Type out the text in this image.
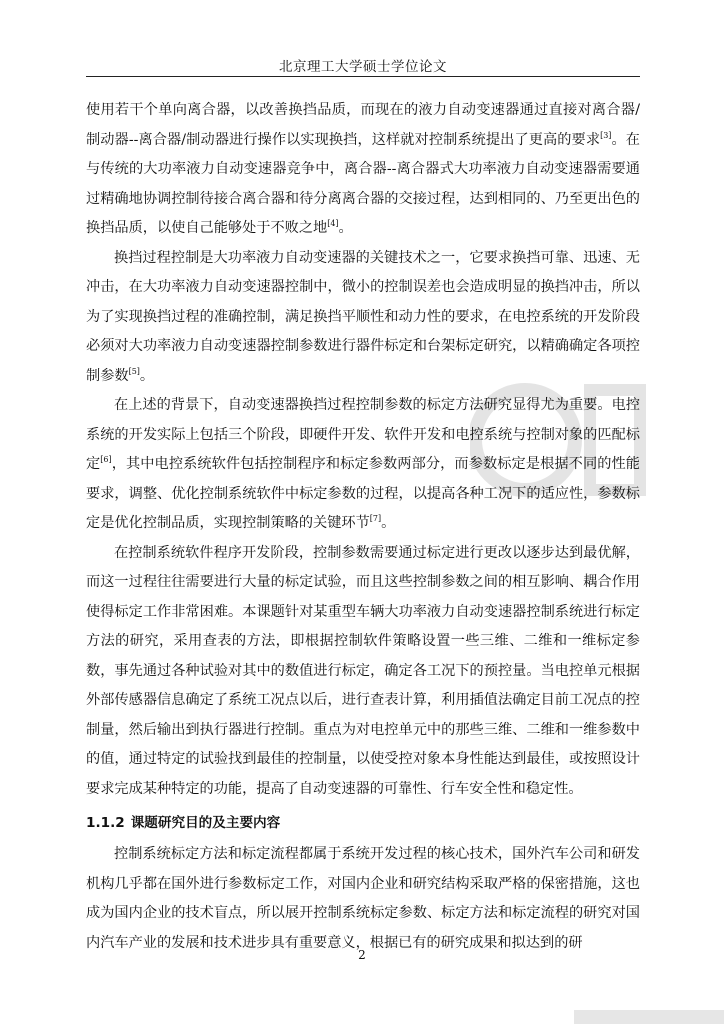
北京理工大学硕士学位论文

使用若干个单向离合器，以改善换挡品质，而现在的液力自动变速器通过直接对离合器/制动器--离合器/制动器进行操作以实现换挡，这样就对控制系统提出了更高的要求[3]。在与传统的大功率液力自动变速器竞争中，离合器--离合器式大功率液力自动变速器需要通过精确地协调控制待接合离合器和待分离离合器的交接过程，达到相同的、乃至更出色的换挡品质，以使自己能够处于不败之地[4]。

换挡过程控制是大功率液力自动变速器的关键技术之一，它要求换挡可靠、迅速、无冲击，在大功率液力自动变速器控制中，微小的控制误差也会造成明显的换挡冲击，所以为了实现换挡过程的准确控制，满足换挡平顺性和动力性的要求，在电控系统的开发阶段必须对大功率液力自动变速器控制参数进行器件标定和台架标定研究，以精确确定各项控制参数[5]。

在上述的背景下，自动变速器换挡过程控制参数的标定方法研究显得尤为重要。电控系统的开发实际上包括三个阶段，即硬件开发、软件开发和电控系统与控制对象的匹配标定[6]，其中电控系统软件包括控制程序和标定参数两部分，而参数标定是根据不同的性能要求，调整、优化控制系统软件中标定参数的过程，以提高各种工况下的适应性，参数标定是优化控制品质，实现控制策略的关键环节[7]。

在控制系统软件程序开发阶段，控制参数需要通过标定进行更改以逐步达到最优解，而这一过程往往需要进行大量的标定试验，而且这些控制参数之间的相互影响、耦合作用使得标定工作非常困难。本课题针对某重型车辆大功率液力自动变速器控制系统进行标定方法的研究，采用查表的方法，即根据控制软件策略设置一些三维、二维和一维标定参数，事先通过各种试验对其中的数值进行标定，确定各工况下的预控量。当电控单元根据外部传感器信息确定了系统工况点以后，进行查表计算，利用插值法确定目前工况点的控制量，然后输出到执行器进行控制。重点为对电控单元中的那些三维、二维和一维参数中的值，通过特定的试验找到最佳的控制量，以使受控对象本身性能达到最佳，或按照设计要求完成某种特定的功能，提高了自动变速器的可靠性、行车安全性和稳定性。

1.1.2 课题研究目的及主要内容

控制系统标定方法和标定流程都属于系统开发过程的核心技术，国外汽车公司和研发机构几乎都在国外进行参数标定工作，对国内企业和研究结构采取严格的保密措施，这也成为国内企业的技术盲点，所以展开控制系统标定参数、标定方法和标定流程的研究对国内汽车产业的发展和技术进步具有重要意义，根据已有的研究成果和拟达到的研

2
